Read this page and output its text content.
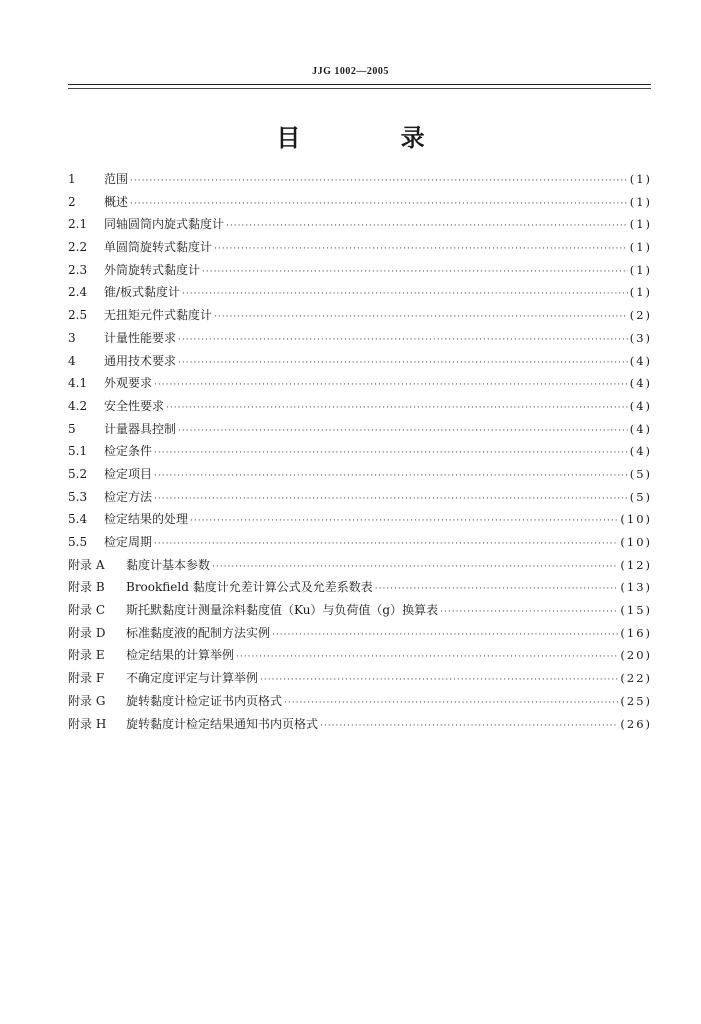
JJG 1002—2005
目 录
1	范围 ·····	(1)
2	概述 ·····	(1)
2.1	同轴圆筒内旋式黏度计 ·····	(1)
2.2	单圆筒旋转式黏度计 ·····	(1)
2.3	外筒旋转式黏度计 ·····	(1)
2.4	锥/板式黏度计 ·····	(1)
2.5	无扭矩元件式黏度计 ·····	(2)
3	计量性能要求 ·····	(3)
4	通用技术要求 ·····	(4)
4.1	外观要求 ·····	(4)
4.2	安全性要求 ·····	(4)
5	计量器具控制 ·····	(4)
5.1	检定条件 ·····	(4)
5.2	检定项目 ·····	(5)
5.3	检定方法 ·····	(5)
5.4	检定结果的处理 ·····	(10)
5.5	检定周期 ·····	(10)
附录 A	黏度计基本参数 ·····	(12)
附录 B	Brookfield 黏度计允差计算公式及允差系数表 ·····	(13)
附录 C	斯托默黏度计测量涂料黏度值（Ku）与负荷值（g）换算表 ·····	(15)
附录 D	标准黏度液的配制方法实例 ·····	(16)
附录 E	检定结果的计算举例 ·····	(20)
附录 F	不确定度评定与计算举例 ·····	(22)
附录 G	旋转黏度计检定证书内页格式 ·····	(25)
附录 H	旋转黏度计检定结果通知书内页格式 ·····	(26)
